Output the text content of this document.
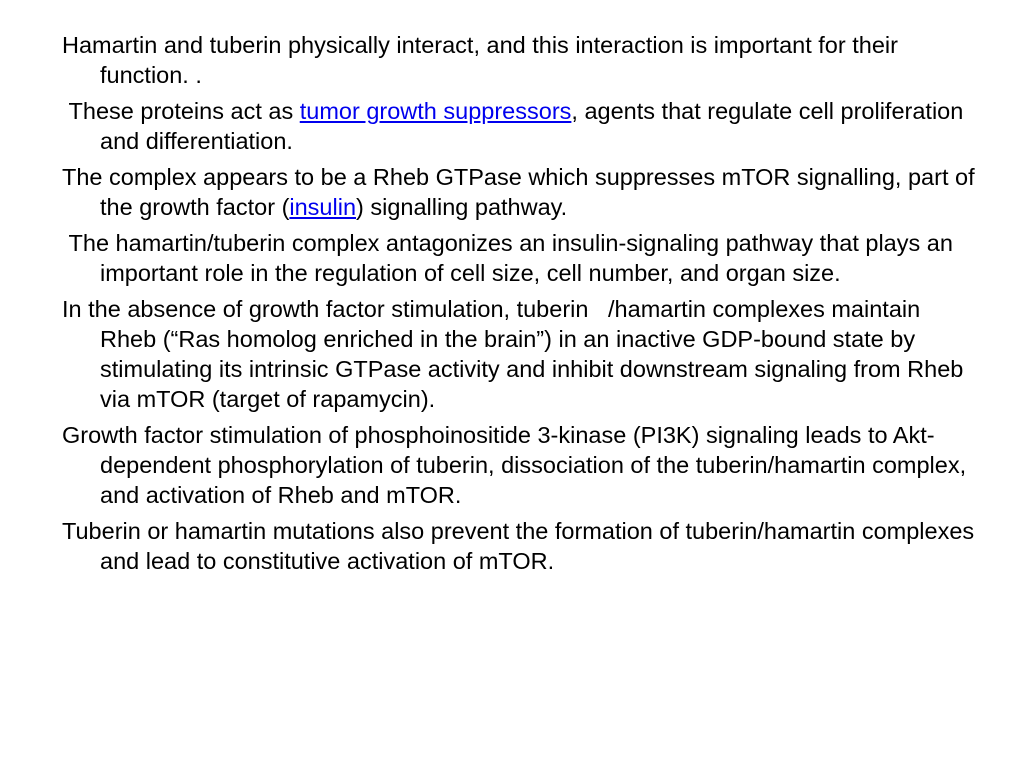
Hamartin and tuberin physically interact, and this interaction is important for their function. .

These proteins act as tumor growth suppressors, agents that regulate cell proliferation and differentiation.

The complex appears to be a Rheb GTPase which suppresses mTOR signalling, part of the growth factor (insulin) signalling pathway.

The hamartin/tuberin complex antagonizes an insulin-signaling pathway that plays an important role in the regulation of cell size, cell number, and organ size.

In the absence of growth factor stimulation, tuberin   /hamartin complexes maintain Rheb (“Ras homolog enriched in the brain”) in an inactive GDP-bound state by stimulating its intrinsic GTPase activity and inhibit downstream signaling from Rheb via mTOR (target of rapamycin).

Growth factor stimulation of phosphoinositide 3-kinase (PI3K) signaling leads to Akt-dependent phosphorylation of tuberin, dissociation of the tuberin/hamartin complex, and activation of Rheb and mTOR.

Tuberin or hamartin mutations also prevent the formation of tuberin/hamartin complexes and lead to constitutive activation of mTOR.
